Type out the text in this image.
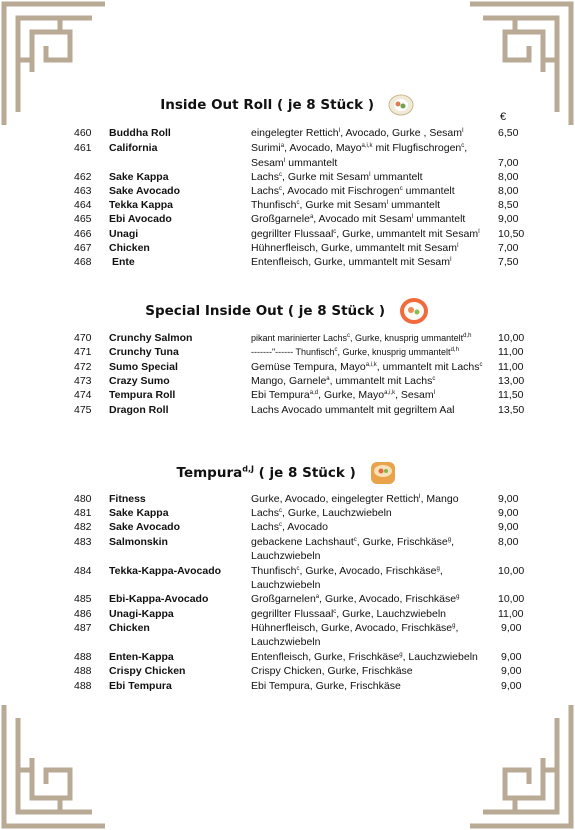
Inside Out Roll ( je 8 Stück )
€
460 Buddha Roll	eingelegter Rettich$^I$, Avocado, Gurke , Sesam$^I$	6,50
461 California	Surimi$^a$, Avocado, Mayo$^{a,i,k}$ mit Flugfischrogen$^c$,
Sesam$^I$ ummantelt	7,00
462 Sake Kappa	Lachs$^c$, Gurke mit Sesam$^I$ ummantelt	8,00
463 Sake Avocado	Lachs$^c$, Avocado mit Fischrogen$^c$ ummantelt	8,00
464 Tekka Kappa	Thunfisch$^c$, Gurke mit Sesam$^I$ ummantelt	8,50
465 Ebi Avocado	Großgarnele$^a$, Avocado mit Sesam$^I$ ummantelt	9,00
466 Unagi	gegrillter Flussaal$^c$, Gurke, ummantelt mit Sesam$^I$ 10,50
467 Chicken	Hühnerfleisch, Gurke, ummantelt mit Sesam$^I$	7,00
468 Ente	Entenfleisch, Gurke, ummantelt mit Sesam$^I$	7,50
Special Inside Out ( je 8 Stück )
470 Crunchy Salmon	pikant marinierter Lachs$^c$, Gurke, knusprig ummantelt$^{d,h}$	10,00
471 Crunchy Tuna	-------"------ Thunfisch$^c$, Gurke, knusprig ummantelt$^{d,h}$	11,00
472 Sumo Special	Gemüse Tempura, Mayo$^{a,i,k}$, ummantelt mit Lachs$^c$ 11,00
473 Crazy Sumo	Mango, Garnele$^a$, ummantelt mit Lachs$^c$	13,00
474 Tempura Roll	Ebi Tempura$^{a,d}$, Gurke, Mayo$^{a,i,k}$, Sesam$^I$	11,50
475 Dragon Roll	Lachs Avocado ummantelt mit gegriltem Aal	13,50
Tempura$^{d,J}$ ( je 8 Stück )
480 Fitness	Gurke, Avocado, eingelegter Rettich$^I$, Mango	9,00
481 Sake Kappa	Lachs$^c$, Gurke, Lauchzwiebeln	9,00
482 Sake Avocado	Lachs$^c$, Avocado	9,00
483 Salmonskin	gebackene Lachshaut$^c$, Gurke, Frischkäse$^g$,	8,00
Lauchzwiebeln
484 Tekka-Kappa-Avocado	Thunfisch$^c$, Gurke, Avocado, Frischkäse$^g$,	10,00
Lauchzwiebeln
485 Ebi-Kappa-Avocado	Großgarnelen$^a$, Gurke, Avocado, Frischkäse$^g$	10,00
486 Unagi-Kappa	gegrillter Flussaal$^c$, Gurke, Lauchzwiebeln	11,00
487 Chicken	Hühnerfleisch, Gurke, Avocado, Frischkäse$^g$,	9,00
Lauchzwiebeln
488 Enten-Kappa	Entenfleisch, Gurke, Frischkäse$^g$, Lauchzwiebeln 9,00
488 Crispy Chicken	Crispy Chicken, Gurke, Frischkäse	9,00
488 Ebi Tempura	Ebi Tempura, Gurke, Frischkäse	9,00
